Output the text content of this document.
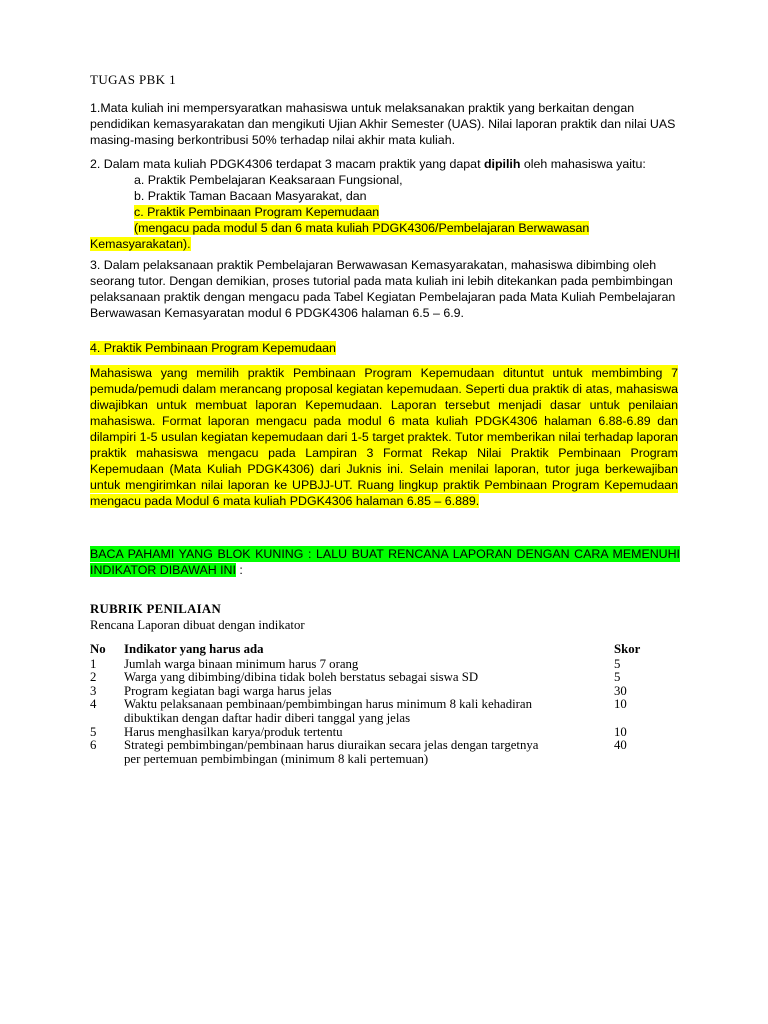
TUGAS PBK 1
1.Mata kuliah ini mempersyaratkan mahasiswa untuk melaksanakan praktik yang berkaitan dengan
pendidikan kemasyarakatan dan mengikuti Ujian Akhir Semester (UAS). Nilai laporan praktik dan nilai UAS
masing-masing berkontribusi 50% terhadap nilai akhir mata kuliah.
2. Dalam mata kuliah PDGK4306 terdapat 3 macam praktik yang dapat dipilih oleh mahasiswa yaitu:
a. Praktik Pembelajaran Keaksaraan Fungsional,
b. Praktik Taman Bacaan Masyarakat, dan
c. Praktik Pembinaan Program Kepemudaan
(mengacu pada modul 5 dan 6 mata kuliah PDGK4306/Pembelajaran Berwawasan
Kemasyarakatan).
3. Dalam pelaksanaan praktik Pembelajaran Berwawasan Kemasyarakatan, mahasiswa dibimbing oleh
seorang tutor. Dengan demikian, proses tutorial pada mata kuliah ini lebih ditekankan pada pembimbingan
pelaksanaan praktik dengan mengacu pada Tabel Kegiatan Pembelajaran pada Mata Kuliah Pembelajaran
Berwawasan Kemasyaratan modul 6 PDGK4306 halaman 6.5 – 6.9.
4. Praktik Pembinaan Program Kepemudaan
Mahasiswa yang memilih praktik Pembinaan Program Kepemudaan dituntut untuk membimbing 7
pemuda/pemudi dalam merancang proposal kegiatan kepemudaan. Seperti dua praktik di atas, mahasiswa
diwajibkan untuk membuat laporan Kepemudaan. Laporan tersebut menjadi dasar untuk penilaian
mahasiswa. Format laporan mengacu pada modul 6 mata kuliah PDGK4306 halaman 6.88-6.89 dan
dilampiri 1-5 usulan kegiatan kepemudaan dari 1-5 target praktek. Tutor memberikan nilai terhadap laporan
praktik mahasiswa mengacu pada Lampiran 3 Format Rekap Nilai Praktik Pembinaan Program
Kepemudaan (Mata Kuliah PDGK4306) dari Juknis ini. Selain menilai laporan, tutor juga berkewajiban
untuk mengirimkan nilai laporan ke UPBJJ-UT. Ruang lingkup praktik Pembinaan Program Kepemudaan
mengacu pada Modul 6 mata kuliah PDGK4306 halaman 6.85 – 6.889.
BACA PAHAMI YANG BLOK KUNING : LALU BUAT RENCANA LAPORAN DENGAN CARA MEMENUHI
INDIKATOR DIBAWAH INI :
RUBRIK PENILAIAN
Rencana Laporan dibuat dengan indikator
No	Indikator yang harus ada	Skor
1	Jumlah warga binaan minimum harus 7 orang	5
2	Warga yang dibimbing/dibina tidak boleh berstatus sebagai siswa SD	5
3	Program kegiatan bagi warga harus jelas	30
4	Waktu pelaksanaan pembinaan/pembimbingan harus minimum 8 kali kehadiran
dibuktikan dengan daftar hadir diberi tanggal yang jelas	10
5	Harus menghasilkan karya/produk tertentu	10
6	Strategi pembimbingan/pembinaan harus diuraikan secara jelas dengan targetnya
per pertemuan pembimbingan (minimum 8 kali pertemuan)	40
